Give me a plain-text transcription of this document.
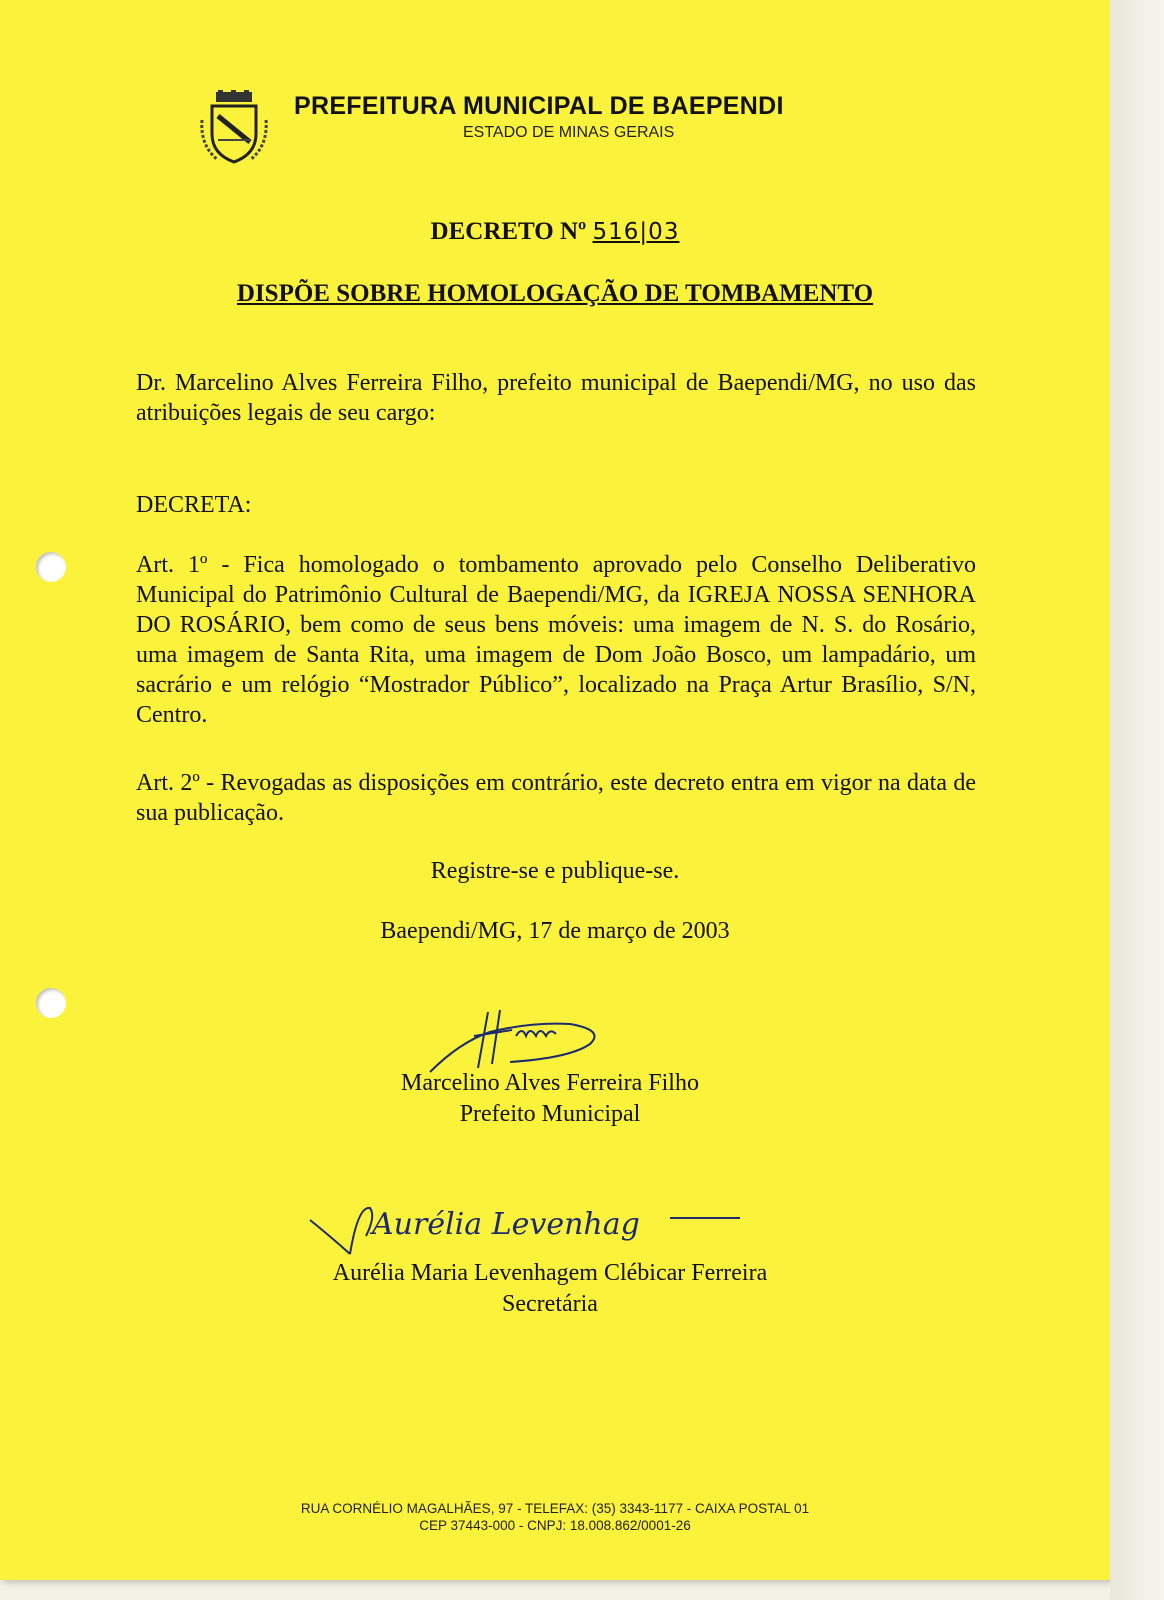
PREFEITURA MUNICIPAL DE BAEPENDI
ESTADO DE MINAS GERAIS
DECRETO Nº 516|03
DISPÕE SOBRE HOMOLOGAÇÃO DE TOMBAMENTO
Dr. Marcelino Alves Ferreira Filho, prefeito municipal de Baependi/MG, no uso das atribuições legais de seu cargo:
DECRETA:
Art. 1º - Fica homologado o tombamento aprovado pelo Conselho Deliberativo Municipal do Patrimônio Cultural de Baependi/MG, da IGREJA NOSSA SENHORA DO ROSÁRIO, bem como de seus bens móveis: uma imagem de N. S. do Rosário, uma imagem de Santa Rita, uma imagem de Dom João Bosco, um lampadário, um sacrário e um relógio “Mostrador Público”, localizado na Praça Artur Brasílio, S/N, Centro.
Art. 2º - Revogadas as disposições em contrário, este decreto entra em vigor na data de sua publicação.
Registre-se e publique-se.
Baependi/MG, 17 de março de 2003
Marcelino Alves Ferreira Filho
Prefeito Municipal
Aurélia Levenhag
Aurélia Maria Levenhagem Clébicar Ferreira
Secretária
RUA CORNÉLIO MAGALHÃES, 97 - TELEFAX: (35) 3343-1177 - CAIXA POSTAL 01
CEP 37443-000 - CNPJ: 18.008.862/0001-26
